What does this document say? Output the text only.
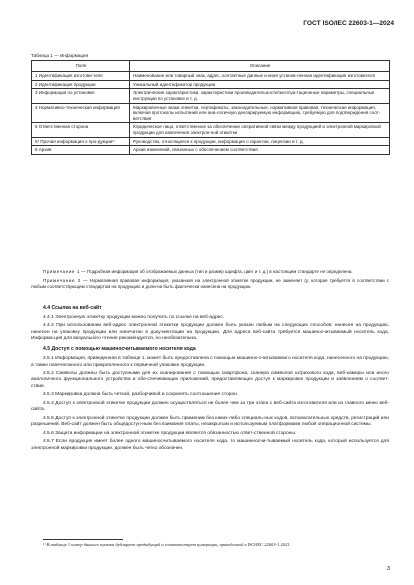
ГОСТ ISO/IEC 22603-1—2024
Таблица 1 — Информация
Поле	Описание
1 Идентификация изготови-теля	Наименование или товарный знак, адрес, контактные данные и иная установ-ленная идентификация изготовителя
2 Идентификация продукции	Уникальный идентификатор продукции
3 Информация по установке	Электрические характеристики, характеристики производительности/эксплуа-тационные параметры, специальные инструкции по установке и т. д.
4 Нормативно-техническая информация	Маркировочные знаки этикетки, сертификаты, законодательные, нормативная правовая, техническая информация, включая протоколы испытаний или ана-логичную декларируемую информацию, требуемую для подтверждения соот-ветствия
5 Ответственная сторона	Юридическое лицо, ответственное за обеспечение оперативной связи между продукцией и электронной маркировкой продукции для извлечения электрон-ной этикетки
5¹ Прочая информация о про-дукции¹⁾	Руководство, относящееся к продукции, информация о гарантии, лицензии и т. д.
6 Архив	Архив изменений, связанных с обеспечением соответствия

Примечание 1 — Подробная информация об отображаемых данных (тип и размер шрифта, цвет и т. д.) в настоящем стандарте не определена.

Примечание 2 — Нормативная правовая информация, указанная на электронной этикетке продукции, не заменяет (у, которая требуется в соответствии с любым соответствующим стандартом на продукцию и доли-на быть фактически нанесена на продукцию.

4.4 Ссылка на веб-сайт

4.4.1 Электронную этикетку продукции можно получить по ссылке на веб-адрес.

4.4.2 При использовании веб-адрес электронной этикетки продукции должен быть указан любым на следующих способов: нанесен на продукцию, нанесен на упаковку продукции или напечатан в доку-ментации на продукцию. Для адреса веб-сайта требуется машиносчитываемый носитель кода. Информа-ция для визуального чтения рекомендуется, но необязательна.

4.5 Доступ с помощью машиносчитываемого носителя кода

4.5.1 Информация, приведенная в таблице 1, может быть предоставлена с помощью машинно-считываемого носителя кода, нанесенного на продукцию, а также напечатанного или прикрепленного к первичной упаковке продукции.

4.5.2 Символы должны быть доступными для их сканирования с помощью смартфона, сканера символов штрихового кода, веб-камеры или иного аналогичного функционального устройства и обе-спечивающих приложений, предоставляющих доступ к маркировке продукции и заявлениям о соответ-ствии.

4.5.3 Маркировка должна быть четкой, разборчивой и сохранять соотношение сторон.

4.5.4 Доступ к электронной этикетке продукции должен осуществляться не более чем за три этапа с веб-сайта изготовителя или из главного меню веб-сайта.

4.5.5 Доступ к электронной этикетке продукции должен быть применим без каких-либо специаль-ных кодов, вспомогательных средств, регистраций или разрешений. Веб-сайт должен быть общедоступ-ным без взимания платы, незакрытым и используемым платформами любой операционной системы.

4.5.6 Защита информации на электронной этикетке продукции является обязанностью ответ-ственной стороны.

4.5.7 Если продукция имеет более одного машиносчитываемого носителя кода, то машинносчи-тываемый носитель кода, который используется для электронной маркировки продукции, должен быть четко обозначен.

¹⁾ В таблице 1 номер данного пункта дублирует предыдущий и соответствует нумерации, приведенной в ISO/IEC 22603-1:2021.
3
